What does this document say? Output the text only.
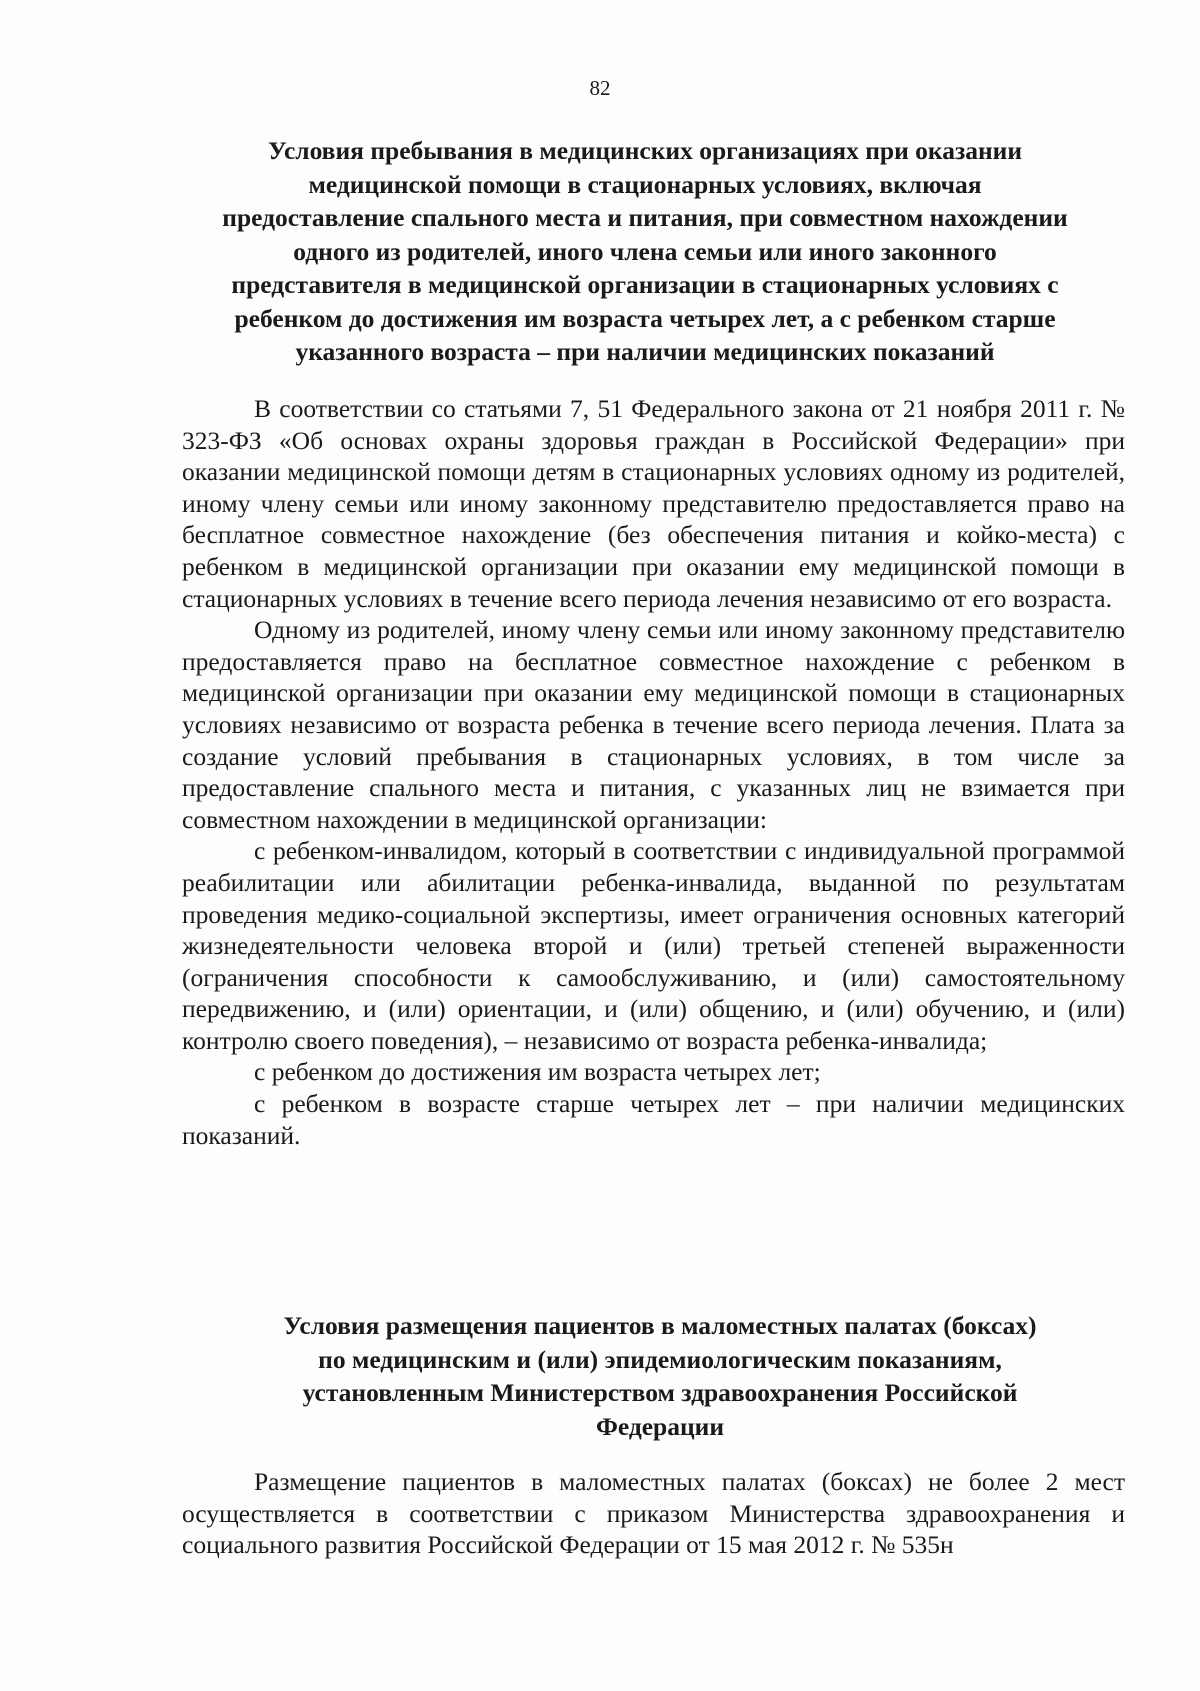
82
Условия пребывания в медицинских организациях при оказании
медицинской помощи в стационарных условиях, включая
предоставление спального места и питания, при совместном нахождении
одного из родителей, иного члена семьи или иного законного
представителя в медицинской организации в стационарных условиях с
ребенком до достижения им возраста четырех лет, а с ребенком старше
указанного возраста – при наличии медицинских показаний

В соответствии со статьями 7, 51 Федерального закона от 21 ноября 2011 г. № 323-ФЗ «Об основах охраны здоровья граждан в Российской Федерации» при оказании медицинской помощи детям в стационарных условиях одному из родителей, иному члену семьи или иному законному представителю предоставляется право на бесплатное совместное нахождение (без обеспечения питания и койко-места) с ребенком в медицинской организации при оказании ему медицинской помощи в стационарных условиях в течение всего периода лечения независимо от его возраста.

Одному из родителей, иному члену семьи или иному законному представителю предоставляется право на бесплатное совместное нахождение с ребенком в медицинской организации при оказании ему медицинской помощи в стационарных условиях независимо от возраста ребенка в течение всего периода лечения. Плата за создание условий пребывания в стационарных условиях, в том числе за предоставление спального места и питания, с указанных лиц не взимается при совместном нахождении в медицинской организации:

с ребенком-инвалидом, который в соответствии с индивидуальной программой реабилитации или абилитации ребенка-инвалида, выданной по результатам проведения медико-социальной экспертизы, имеет ограничения основных категорий жизнедеятельности человека второй и (или) третьей степеней выраженности (ограничения способности к самообслуживанию, и (или) самостоятельному передвижению, и (или) ориентации, и (или) общению, и (или) обучению, и (или) контролю своего поведения), – независимо от возраста ребенка-инвалида;

с ребенком до достижения им возраста четырех лет;

с ребенком в возрасте старше четырех лет – при наличии медицинских показаний.

Условия размещения пациентов в маломестных палатах (боксах)
по медицинским и (или) эпидемиологическим показаниям,
установленным Министерством здравоохранения Российской
Федерации

Размещение пациентов в маломестных палатах (боксах) не более 2 мест осуществляется в соответствии с приказом Министерства здравоохранения и социального развития Российской Федерации от 15 мая 2012 г. № 535н
